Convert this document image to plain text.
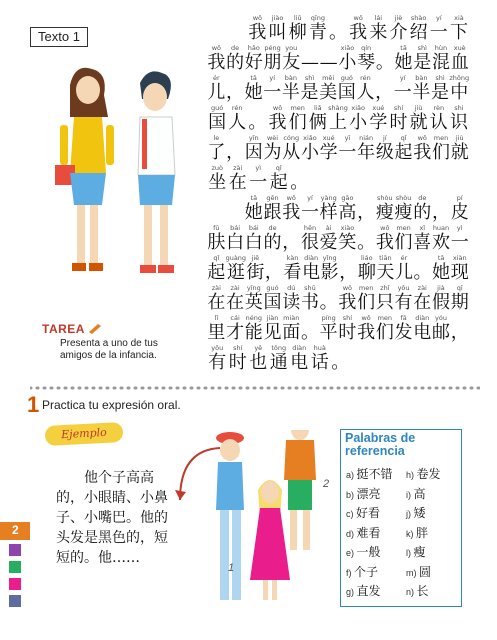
Texto 1

wǒ
我
jiào
叫
liǔ
柳
qīng
青 。
wǒ
我
lái
来
jiè
介
shào
绍
yí
一
xià
下
wǒ
我
de
的
hǎo
好
péng
朋
you
友 — —
xiǎo
小
qín
琴 。
tā
她
shì
是
hùn
混
xuè
血
ér
儿 ，
tā
她
yí
一
bàn
半
shì
是
měi
美
guó
国
rén
人 ，
yí
一
bàn
半
shì
是
zhōng
中
guó
国
rén
人 。
wǒ
我
men
们
liǎ
俩
shàng
上
xiǎo
小
xué
学
shí
时
jiù
就
rèn
认
shi
识
le
了 ，
yīn
因
wèi
为
cóng
从
xiǎo
小
xué
学
yī
一
nián
年
jí
级
qǐ
起
wǒ
我
men
们
jiù
就
zuò
坐
zài
在
yì
一
qǐ
起 。

tā
她
gēn
跟
wǒ
我
yí
一
yàng
样
gāo
高 ，
shòu
瘦
shòu
瘦
de
的 ，
pí
皮
fū
肤
bái
白
bái
白
de
的 ，
hěn
很
ài
爱
xiào
笑 。
wǒ
我
men
们
xǐ
喜
huan
欢
yì
一
qǐ
起
guàng
逛
jiē
街 ，
kàn
看
diàn
电
yǐng
影 ，
liáo
聊
tiān
天
ér
儿 。
tā
她
xiàn
现
zài
在
zài
在
yīng
英
guó
国
dú
读
shū
书 。
wǒ
我
men
们
zhǐ
只
yǒu
有
zài
在
jià
假
qī
期
lǐ
里
cái
才
néng
能
jiàn
见
miàn
面 。
píng
平
shí
时
wǒ
我
men
们
fā
发
diàn
电
yóu
邮 ，
yǒu
有
shí
时
yě
也
tōng
通
diàn
电
huà
话 。
TAREA
Presenta a uno de tus amigos de la infancia.
1 Practica tu expresión oral.
Ejemplo
　　他个子高高的，小眼睛、小鼻子、小嘴巴。他的头发是黑色的，短短的。他……
1
2
Palabras de referencia
a) 挺不错
b) 漂亮
c) 好看
d) 难看
e) 一般
f) 个子
g) 直发
h) 卷发
i) 高
j) 矮
k) 胖
l) 瘦
m) 圆
n) 长
2
